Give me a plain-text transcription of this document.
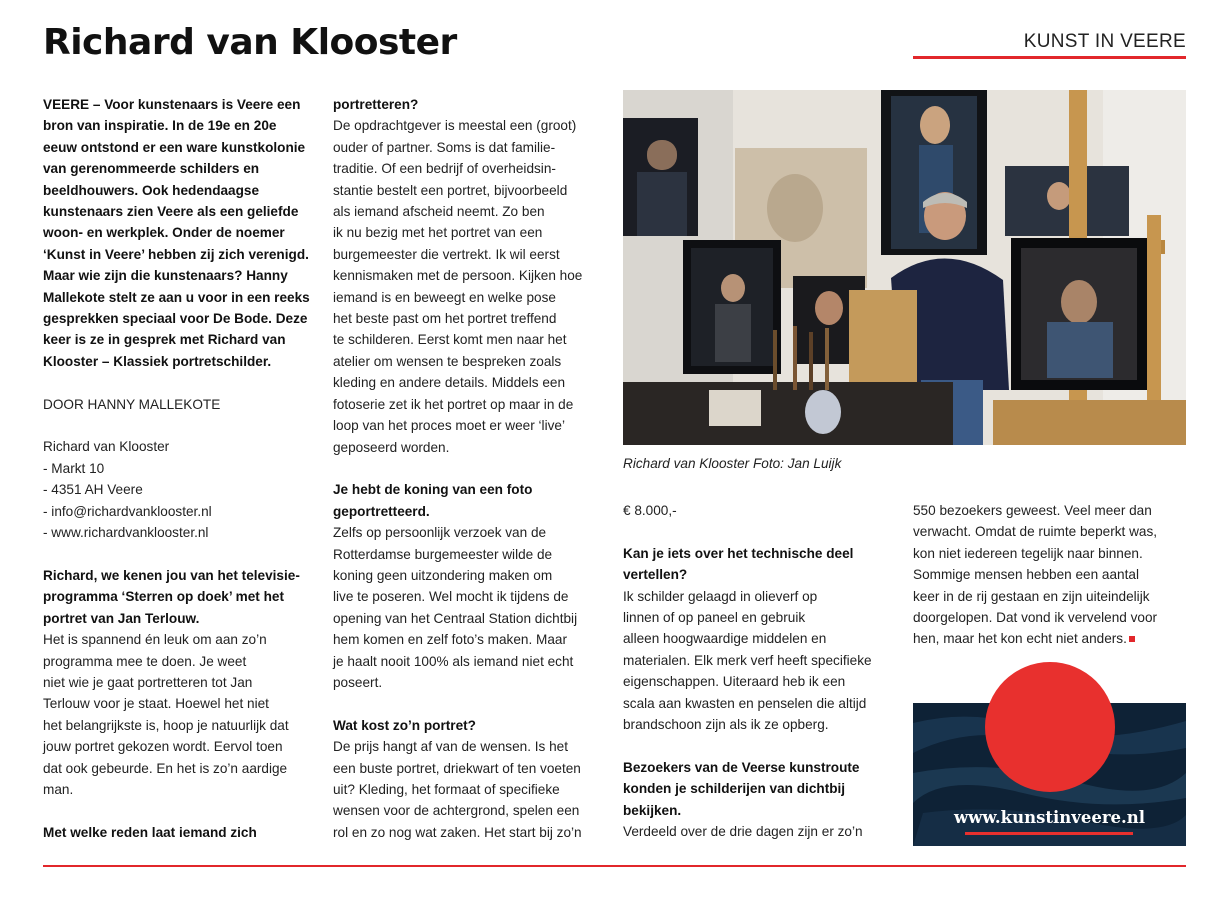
Richard van Klooster	KUNST IN VEERE

VEERE – Voor kunstenaars is Veere een

bron van inspiratie. In de 19e en 20e

eeuw ontstond er een ware kunstkolonie

van gerenommeerde schilders en

beeldhouwers. Ook hedendaagse

kunstenaars zien Veere als een geliefde

woon- en werkplek. Onder de noemer

‘Kunst in Veere’ hebben zij zich verenigd.

Maar wie zijn die kunstenaars? Hanny

Mallekote stelt ze aan u voor in een reeks

gesprekken speciaal voor De Bode. Deze

keer is ze in gesprek met Richard van

Klooster – Klassiek portretschilder.

DOOR HANNY MALLEKOTE

Richard van Klooster

- Markt 10

- 4351 AH Veere

- info@richardvanklooster.nl

- www.richardvanklooster.nl

Richard, we kenen jou van het televisie-

programma ‘Sterren op doek’ met het

portret van Jan Terlouw.

Het is spannend én leuk om aan zo’n

programma mee te doen. Je weet

niet wie je gaat portretteren tot Jan

Terlouw voor je staat. Hoewel het niet

het belangrijkste is, hoop je natuurlijk dat

jouw portret gekozen wordt. Eervol toen

dat ook gebeurde. En het is zo’n aardige

man.

Met welke reden laat iemand zich

portretteren?

De opdrachtgever is meestal een (groot)

ouder of partner. Soms is dat familie-

traditie. Of een bedrijf of overheidsin-

stantie bestelt een portret, bijvoorbeeld

als iemand afscheid neemt. Zo ben

ik nu bezig met het portret van een

burgemeester die vertrekt. Ik wil eerst

kennismaken met de persoon. Kijken hoe

iemand is en beweegt en welke pose

het beste past om het portret treffend

te schilderen. Eerst komt men naar het

atelier om wensen te bespreken zoals

kleding en andere details. Middels een

fotoserie zet ik het portret op maar in de

loop van het proces moet er weer ‘live’

geposeerd worden.

Je hebt de koning van een foto

geportretteerd.

Zelfs op persoonlijk verzoek van de

Rotterdamse burgemeester wilde de

koning geen uitzondering maken om

live te poseren. Wel mocht ik tijdens de

opening van het Centraal Station dichtbij

hem komen en zelf foto’s maken. Maar

je haalt nooit 100% als iemand niet echt

poseert.

Wat kost zo’n portret?

De prijs hangt af van de wensen. Is het

een buste portret, driekwart of ten voeten

uit? Kleding, het formaat of specifieke

wensen voor de achtergrond, spelen een

rol en zo nog wat zaken. Het start bij zo’n

Richard van Klooster Foto: Jan Luijk

€ 8.000,-

Kan je iets over het technische deel

vertellen?

Ik schilder gelaagd in olieverf op

linnen of op paneel en gebruik

alleen hoogwaardige middelen en

materialen. Elk merk verf heeft specifieke

eigenschappen. Uiteraard heb ik een

scala aan kwasten en penselen die altijd

brandschoon zijn als ik ze opberg.

Bezoekers van de Veerse kunstroute

konden je schilderijen van dichtbij

bekijken.

Verdeeld over de drie dagen zijn er zo’n

550 bezoekers geweest. Veel meer dan

verwacht. Omdat de ruimte beperkt was,

kon niet iedereen tegelijk naar binnen.

Sommige mensen hebben een aantal

keer in de rij gestaan en zijn uiteindelijk

doorgelopen. Dat vond ik vervelend voor

hen, maar het kon echt niet anders.

www.kunstinveere.nl
